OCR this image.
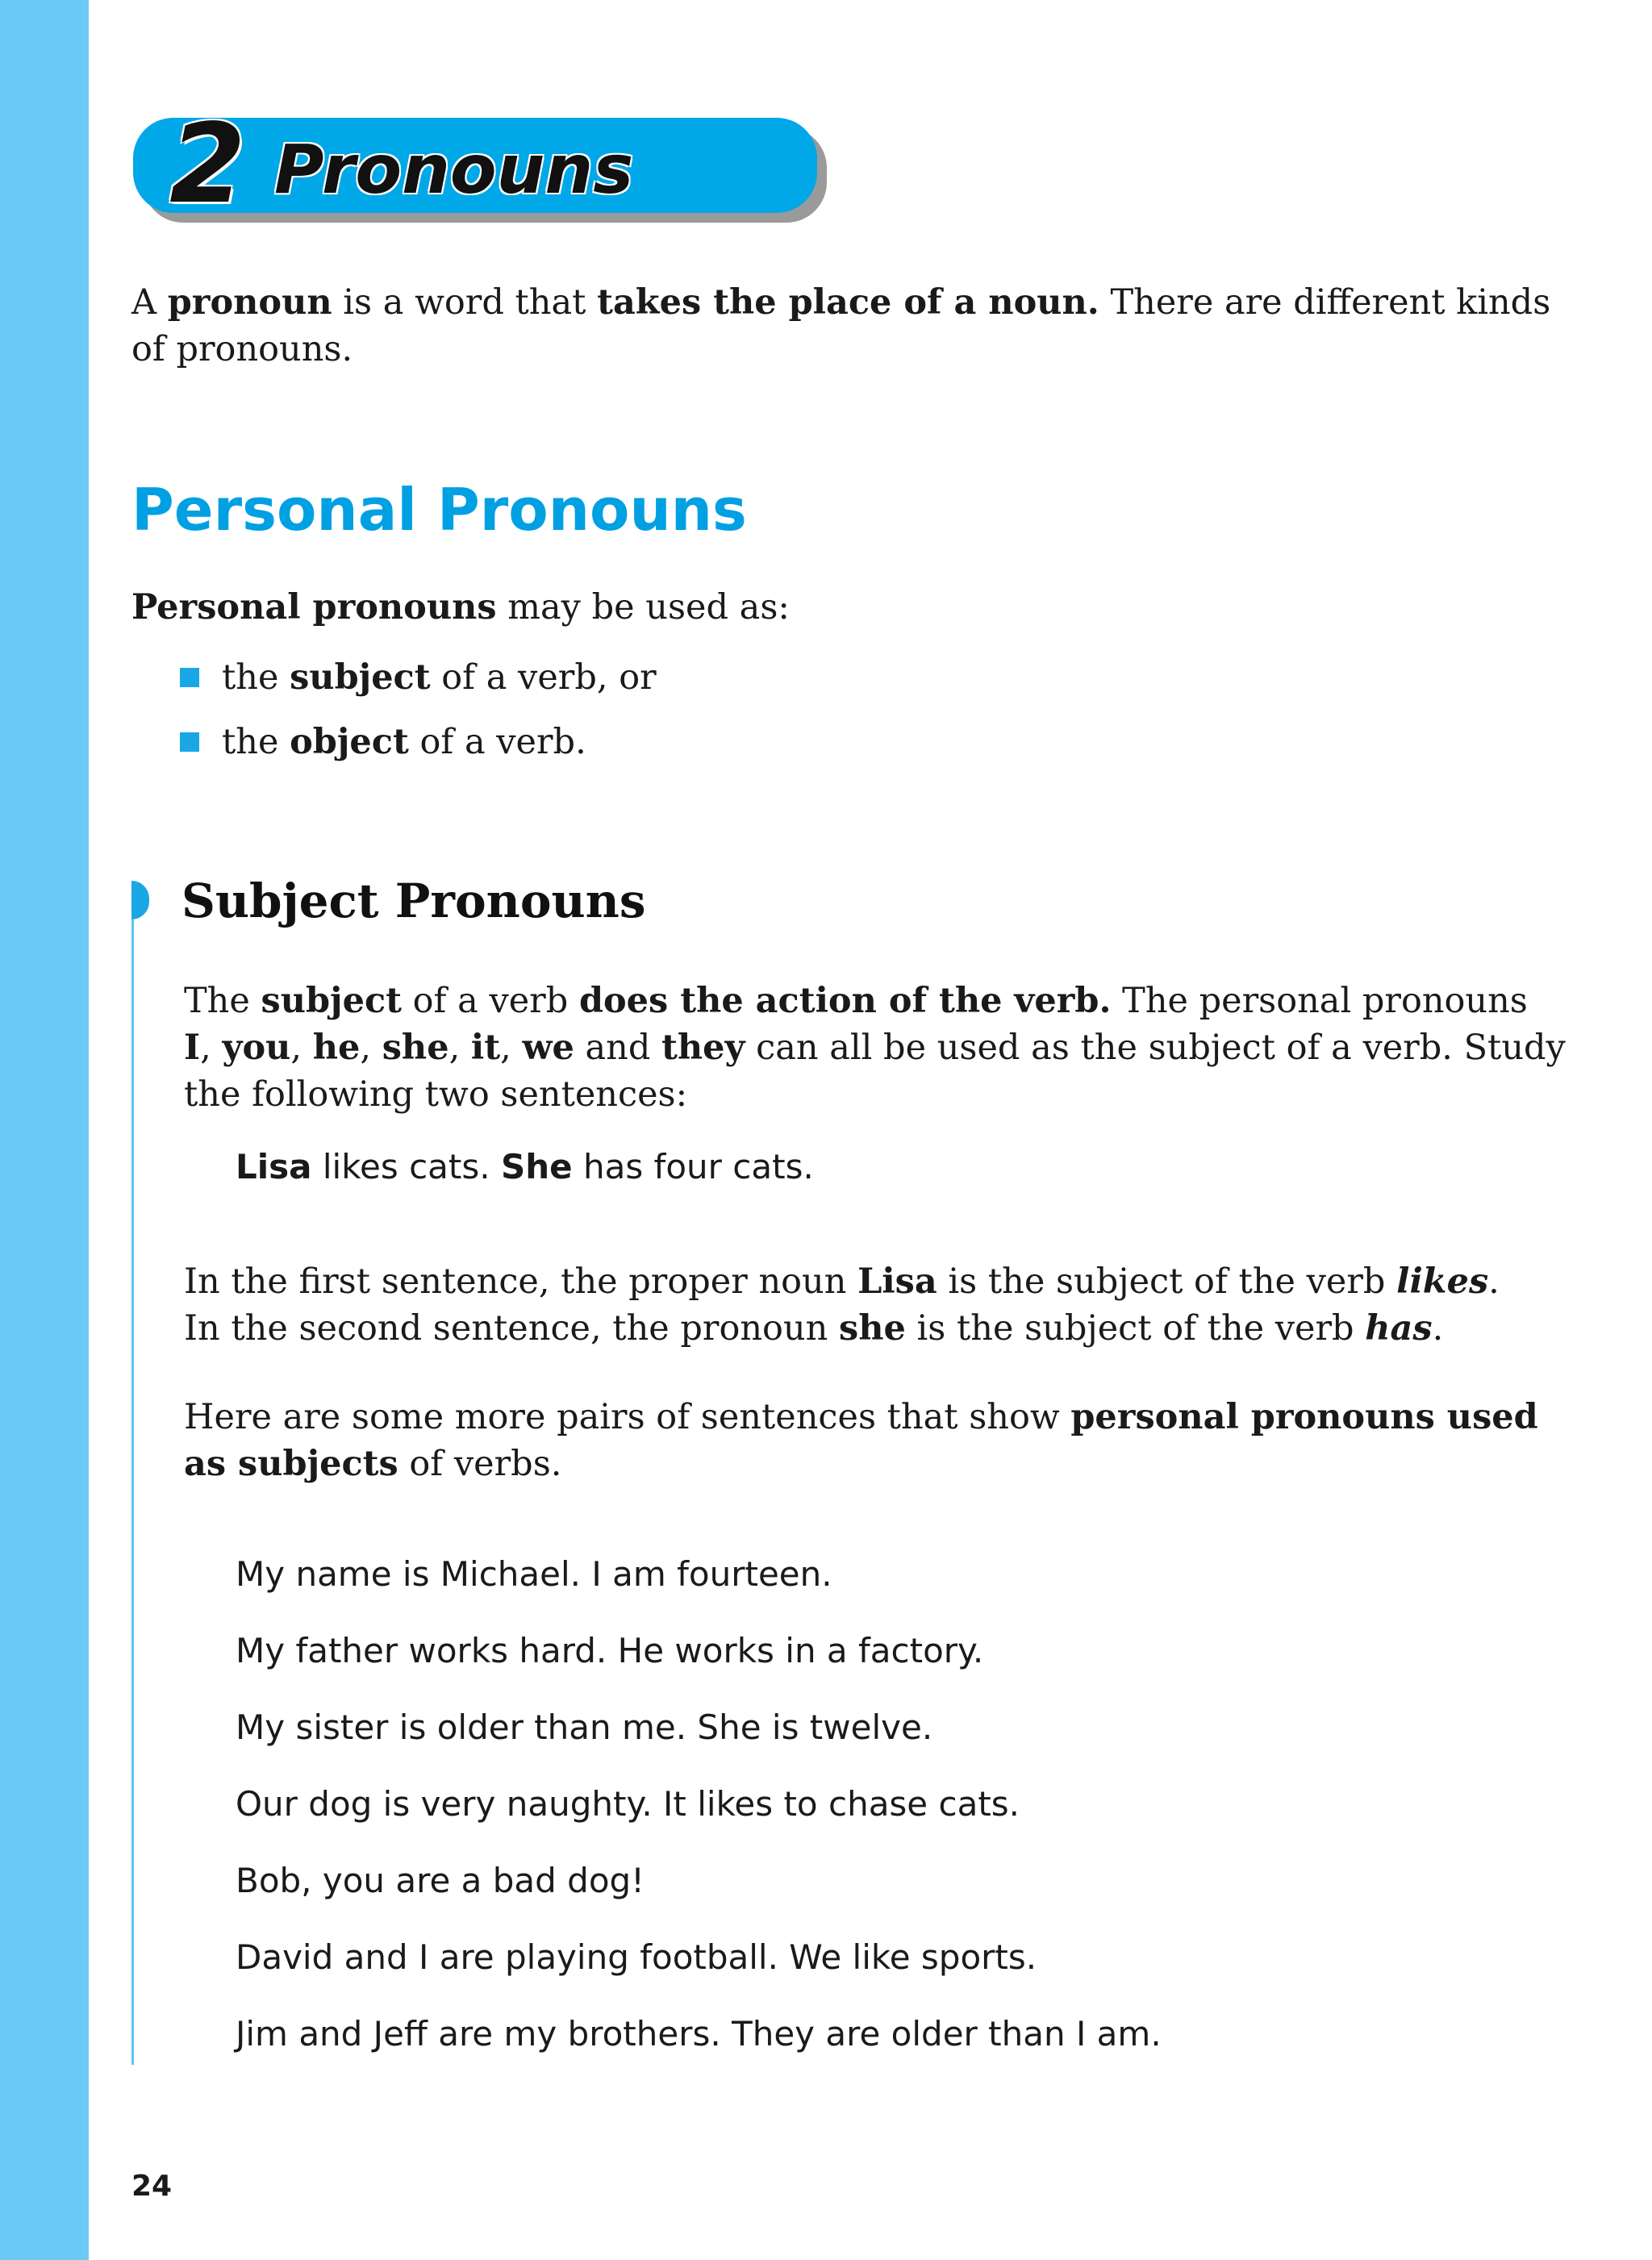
2 Pronouns

A pronoun is a word that takes the place of a noun. There are different kinds
of pronouns.

Personal Pronouns

Personal pronouns may be used as:

the subject of a verb, or
the object of a verb.
Subject Pronouns

The subject of a verb does the action of the verb. The personal pronouns
I, you, he, she, it, we and they can all be used as the subject of a verb. Study
the following two sentences:

Lisa likes cats. She has four cats.

In the first sentence, the proper noun Lisa is the subject of the verb likes.
In the second sentence, the pronoun she is the subject of the verb has.

Here are some more pairs of sentences that show personal pronouns used
as subjects of verbs.

My name is Michael. I am fourteen.

My father works hard. He works in a factory.

My sister is older than me. She is twelve.

Our dog is very naughty. It likes to chase cats.

Bob, you are a bad dog!

David and I are playing football. We like sports.

Jim and Jeff are my brothers. They are older than I am.

24
